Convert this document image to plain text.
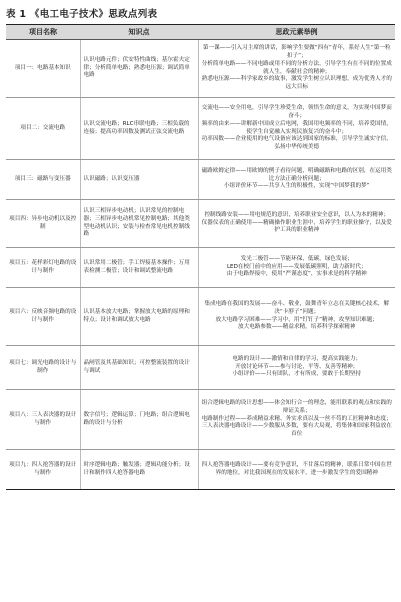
表 1 《电工电子技术》思政点列表
项目名称	知识点	思政元素举例
项目一：电路基本知识	认识电路元件；伏安特性曲线；基尔霍夫定律；分析简单电路；熟悉电压源；调试简单电路	第一课——引入习主席的讲话，影响学生要做“四有”青年，系好人生“第一粒扣子”；
分析简单电路——不同电路或用不同的分析方法，引导学生有在不同的位置成就人生，奉献社会的精神；
熟悉电压源——科学家故乡的故事，激发学生树立认识理想，成为优秀人才的远大目标

项目二：交流电路	认识交流电路；RLC串联电路；三相负载的连接；提高功率因数及测试正弦交流电路	交流电——安全用电，引导学生珍爱生命，领悟生命的意义，为实现中国梦而奋斗；
频率的由来——讲解新中国成立后电网，我国用电频率的不同，培养爱国情，使学生自觉融入实现民族复兴的奋斗中；
功率因数——企业使用的电气设备应该达到国家的标准，引导学生诚实守信，弘扬中华传统美德

项目三：磁路与变压器	认识磁路；认识变压器	磁路欧姆定律——用欧姆的例子看待问题，明确磁路和电路的区别，在运用类比方法正确分析问题；
小组评价环节——共享人生的积极性，实现“中国梦我的梦”

项目四：异步电动机以及控制	认识三相异步电动机；认识常见的控制电器；三相异步电动机常见控制电路；其他类型电动机认识；安装与检查常见电机控制线路	控制线路安装——用电规范的意识，培养职业安全意识，以人为本的精神；
仪器仪表的正确使用——精确操作职业生涯中，培养学生的职业操守，以及爱护工具的职业精神

项目五：花样彩灯电路的设计与制作	认识常用二极管；手工焊接基本操作；万用表检测二极管；设计和调试整流电路	发光二极管——节能环保，低碳，绿色发展；
LED在校门前中的应用——发展低碳照明，助力新时代；
由于电路焊接中，使用“严谨态度”，实事求是的科学精神

项目六：反映音频电路的设计与制作	认识基本放大电路；掌握放大电路的原理和特点；设计和调试放大电路	集成电路在我国的发展——奋斗、敬业，鼓舞青年立志在关键核心技术，解决“卡脖子”问题；
放大电路学习困难——学习中，用“钉钉子”精神，攻坚知识难题；
放大电路参数——精益求精，培养科学探索精神

项目七：调光电路的设计与制作	晶闸管及其基础知识；可控整流装置的设计与调试	电路的设计——激情和自律的学习，提高实践能力；
开放讨论环节——参与讨论，平等、友善等精神；
小组评价——只有团队，才有所成，要敢于长期坚持

项目八：三人表决器的设计与制作	数字信号；逻辑运算；门电路；组合逻辑电路的设计与分析	组合逻辑电路的设计思想——体会知行合一的理念，能用联系的观点和实践的辩证关系；
电路制作过程——养成精益求精、务实求真以及一丝不苟的工匠精神和态度；
三人表决器电路设计——少数服从多数，要有大局观，将集体和国家利益放在首位

项目九：四人抢答器的设计与制作	时序逻辑电路；触发器；逻辑功能分析；设计和制作四人抢答器电路	四人抢答器电路设计——要有竞争意识，不甘落后的精神，联系日常中国在世界的地位，对比我国现在的发展水平，进一步激发学生的爱国精神
